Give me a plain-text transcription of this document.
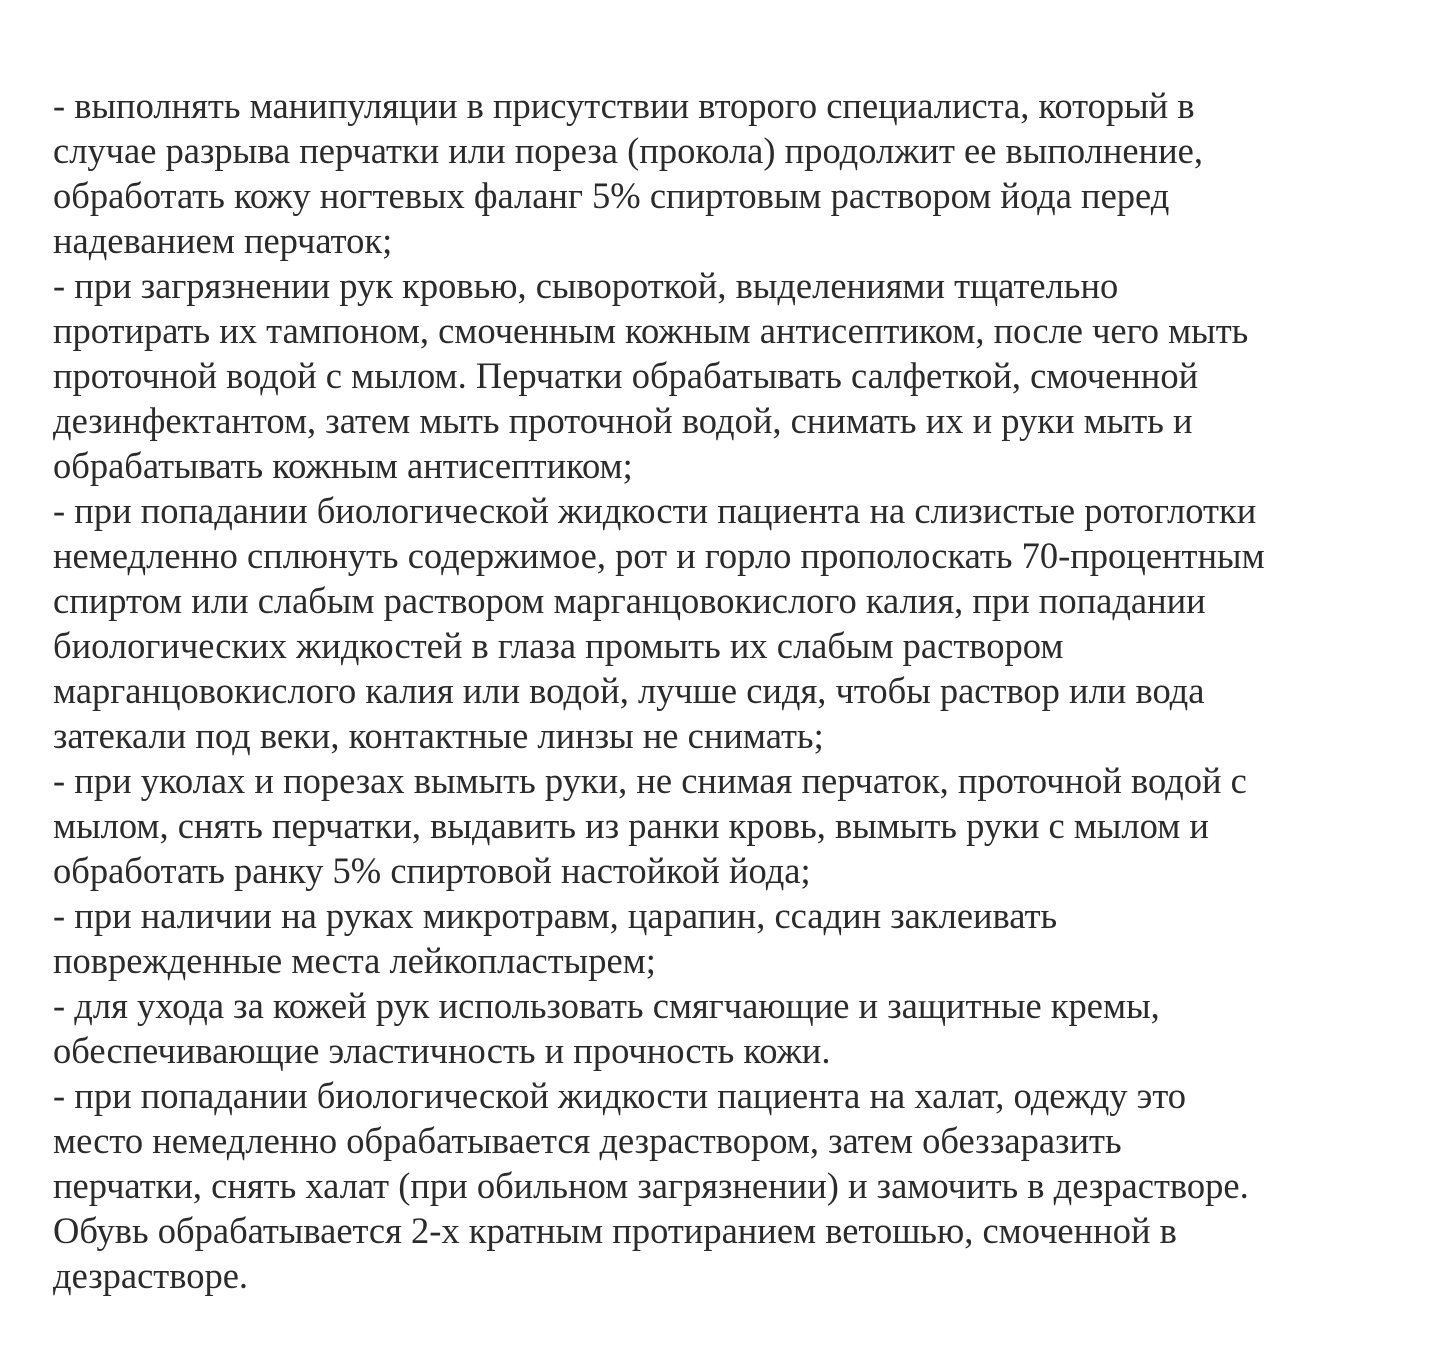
- выполнять манипуляции в присутствии второго специалиста, который в
случае разрыва перчатки или пореза (прокола) продолжит ее выполнение,
обработать кожу ногтевых фаланг 5% спиртовым раствором йода перед
надеванием перчаток;
- при загрязнении рук кровью, сывороткой, выделениями тщательно
протирать их тампоном, смоченным кожным антисептиком, после чего мыть
проточной водой с мылом. Перчатки обрабатывать салфеткой, смоченной
дезинфектантом, затем мыть проточной водой, снимать их и руки мыть и
обрабатывать кожным антисептиком;
- при попадании биологической жидкости пациента на слизистые ротоглотки
немедленно сплюнуть содержимое, рот и горло прополоскать 70-процентным
спиртом или слабым раствором марганцовокислого калия, при попадании
биологических жидкостей в глаза промыть их слабым раствором
марганцовокислого калия или водой, лучше сидя, чтобы раствор или вода
затекали под веки, контактные линзы не снимать;
- при уколах и порезах вымыть руки, не снимая перчаток, проточной водой с
мылом, снять перчатки, выдавить из ранки кровь, вымыть руки с мылом и
обработать ранку 5% спиртовой настойкой йода;
- при наличии на руках микротравм, царапин, ссадин заклеивать
поврежденные места лейкопластырем;
- для ухода за кожей рук использовать смягчающие и защитные кремы,
обеспечивающие эластичность и прочность кожи.
- при попадании биологической жидкости пациента на халат, одежду это
место немедленно обрабатывается дезраствором, затем обеззаразить
перчатки, снять халат (при обильном загрязнении) и замочить в дезрастворе.
Обувь обрабатывается 2-х кратным протиранием ветошью, смоченной в
дезрастворе.
